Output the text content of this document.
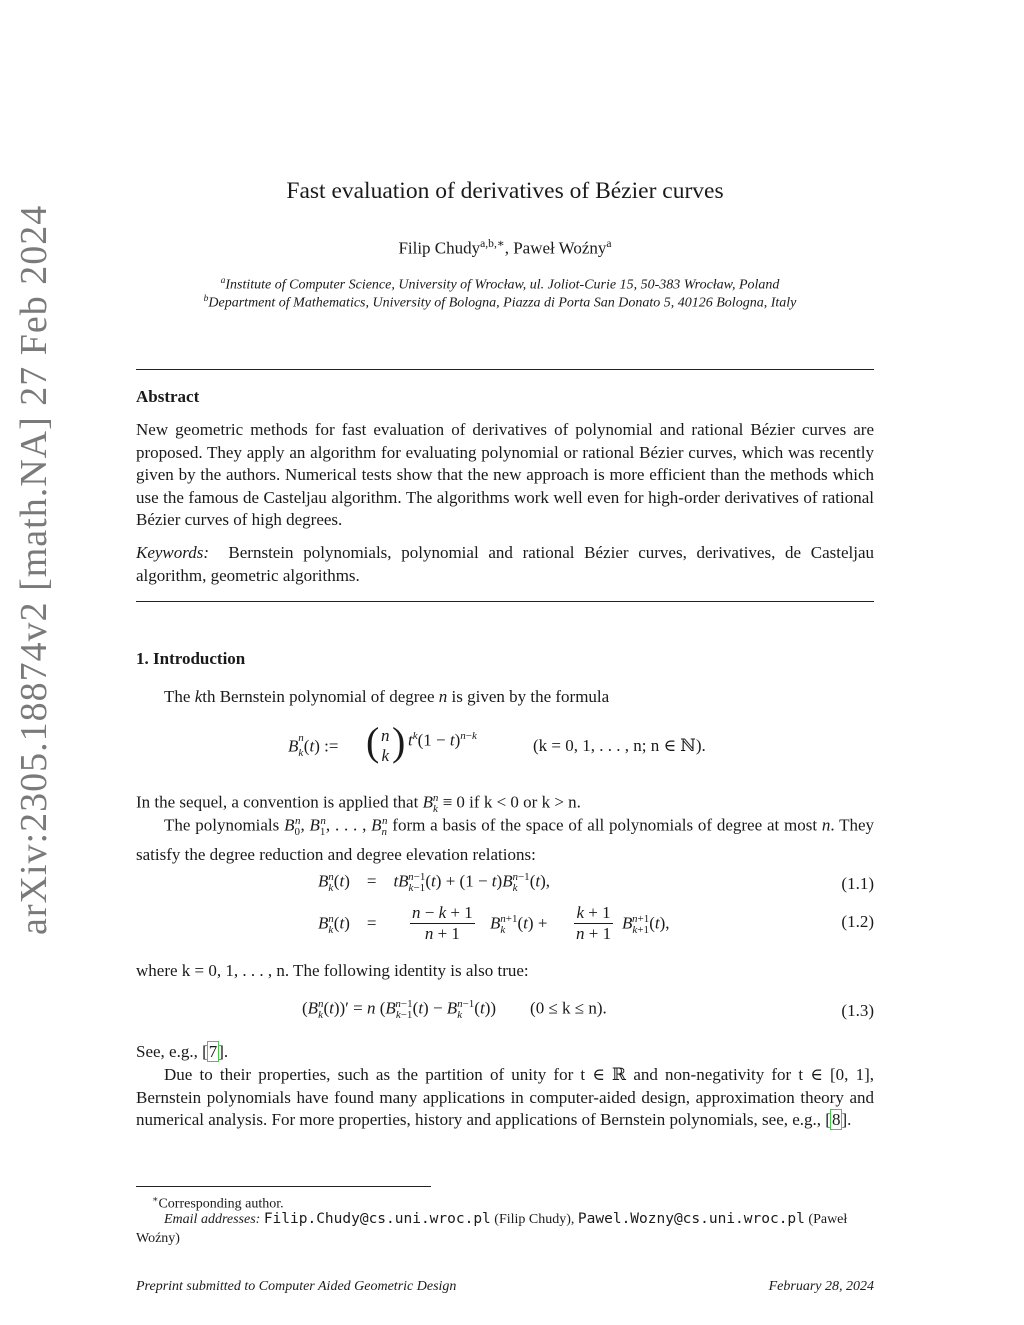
arXiv:2305.18874v2 [math.NA] 27 Feb 2024
Fast evaluation of derivatives of Bézier curves
Filip Chudy$^{a,b,∗}$, Paweł Woźny$^a$
$^a$Institute of Computer Science, University of Wrocław, ul. Joliot-Curie 15, 50-383 Wrocław, Poland
$^b$Department of Mathematics, University of Bologna, Piazza di Porta San Donato 5, 40126 Bologna, Italy
Abstract
New geometric methods for fast evaluation of derivatives of polynomial and rational Bézier curves are proposed. They apply an algorithm for evaluating polynomial or rational Bézier curves, which was recently given by the authors. Numerical tests show that the new approach is more efficient than the methods which use the famous de Casteljau algorithm. The algorithms work well even for high-order derivatives of rational Bézier curves of high degrees.
Keywords: Bernstein polynomials, polynomial and rational Bézier curves, derivatives, de Casteljau algorithm, geometric algorithms.
1. Introduction
The kth Bernstein polynomial of degree n is given by the formula
$B_k^n(t)$ := ( n
k ) $t^k(1 - t)^{n-k}$	(k = 0, 1, . . . , n; n ∈ ℕ).
In the sequel, a convention is applied that $B_k^n \equiv 0$ if k < 0 or k > n.
The polynomials $B_0^n$, $B_1^n$, . . . , $B_n^n$ form a basis of the space of all polynomials of degree at most n. They satisfy the degree reduction and degree elevation relations:
$B_k^n(t)$    =    $tB_{k-1}^{n-1}(t) + (1 - t)B_k^{n-1}(t)$,	(1.1)
$B_k^n(t)$    = $\frac{n - k + 1}{n + 1} B_k^{n+1}(t) + \frac{k + 1}{n + 1} B_{k+1}^{n+1}(t)$,	(1.2)
where k = 0, 1, . . . , n. The following identity is also true:
$(B_k^n(t))' = n$ $(B_{k-1}^{n-1}(t) - B_k^{n-1}(t))$        (0 ≤ k ≤ n).	(1.3)
See, e.g., [7].
Due to their properties, such as the partition of unity for t ∈ ℝ and non-negativity for t ∈ [0, 1], Bernstein polynomials have found many applications in computer-aided design, approximation theory and numerical analysis. For more properties, history and applications of Bernstein polynomials, see, e.g., [8].
∗Corresponding author.
Email addresses: Filip.Chudy@cs.uni.wroc.pl (Filip Chudy), Pawel.Wozny@cs.uni.wroc.pl (Paweł Woźny)
Preprint submitted to Computer Aided Geometric Design	February 28, 2024
